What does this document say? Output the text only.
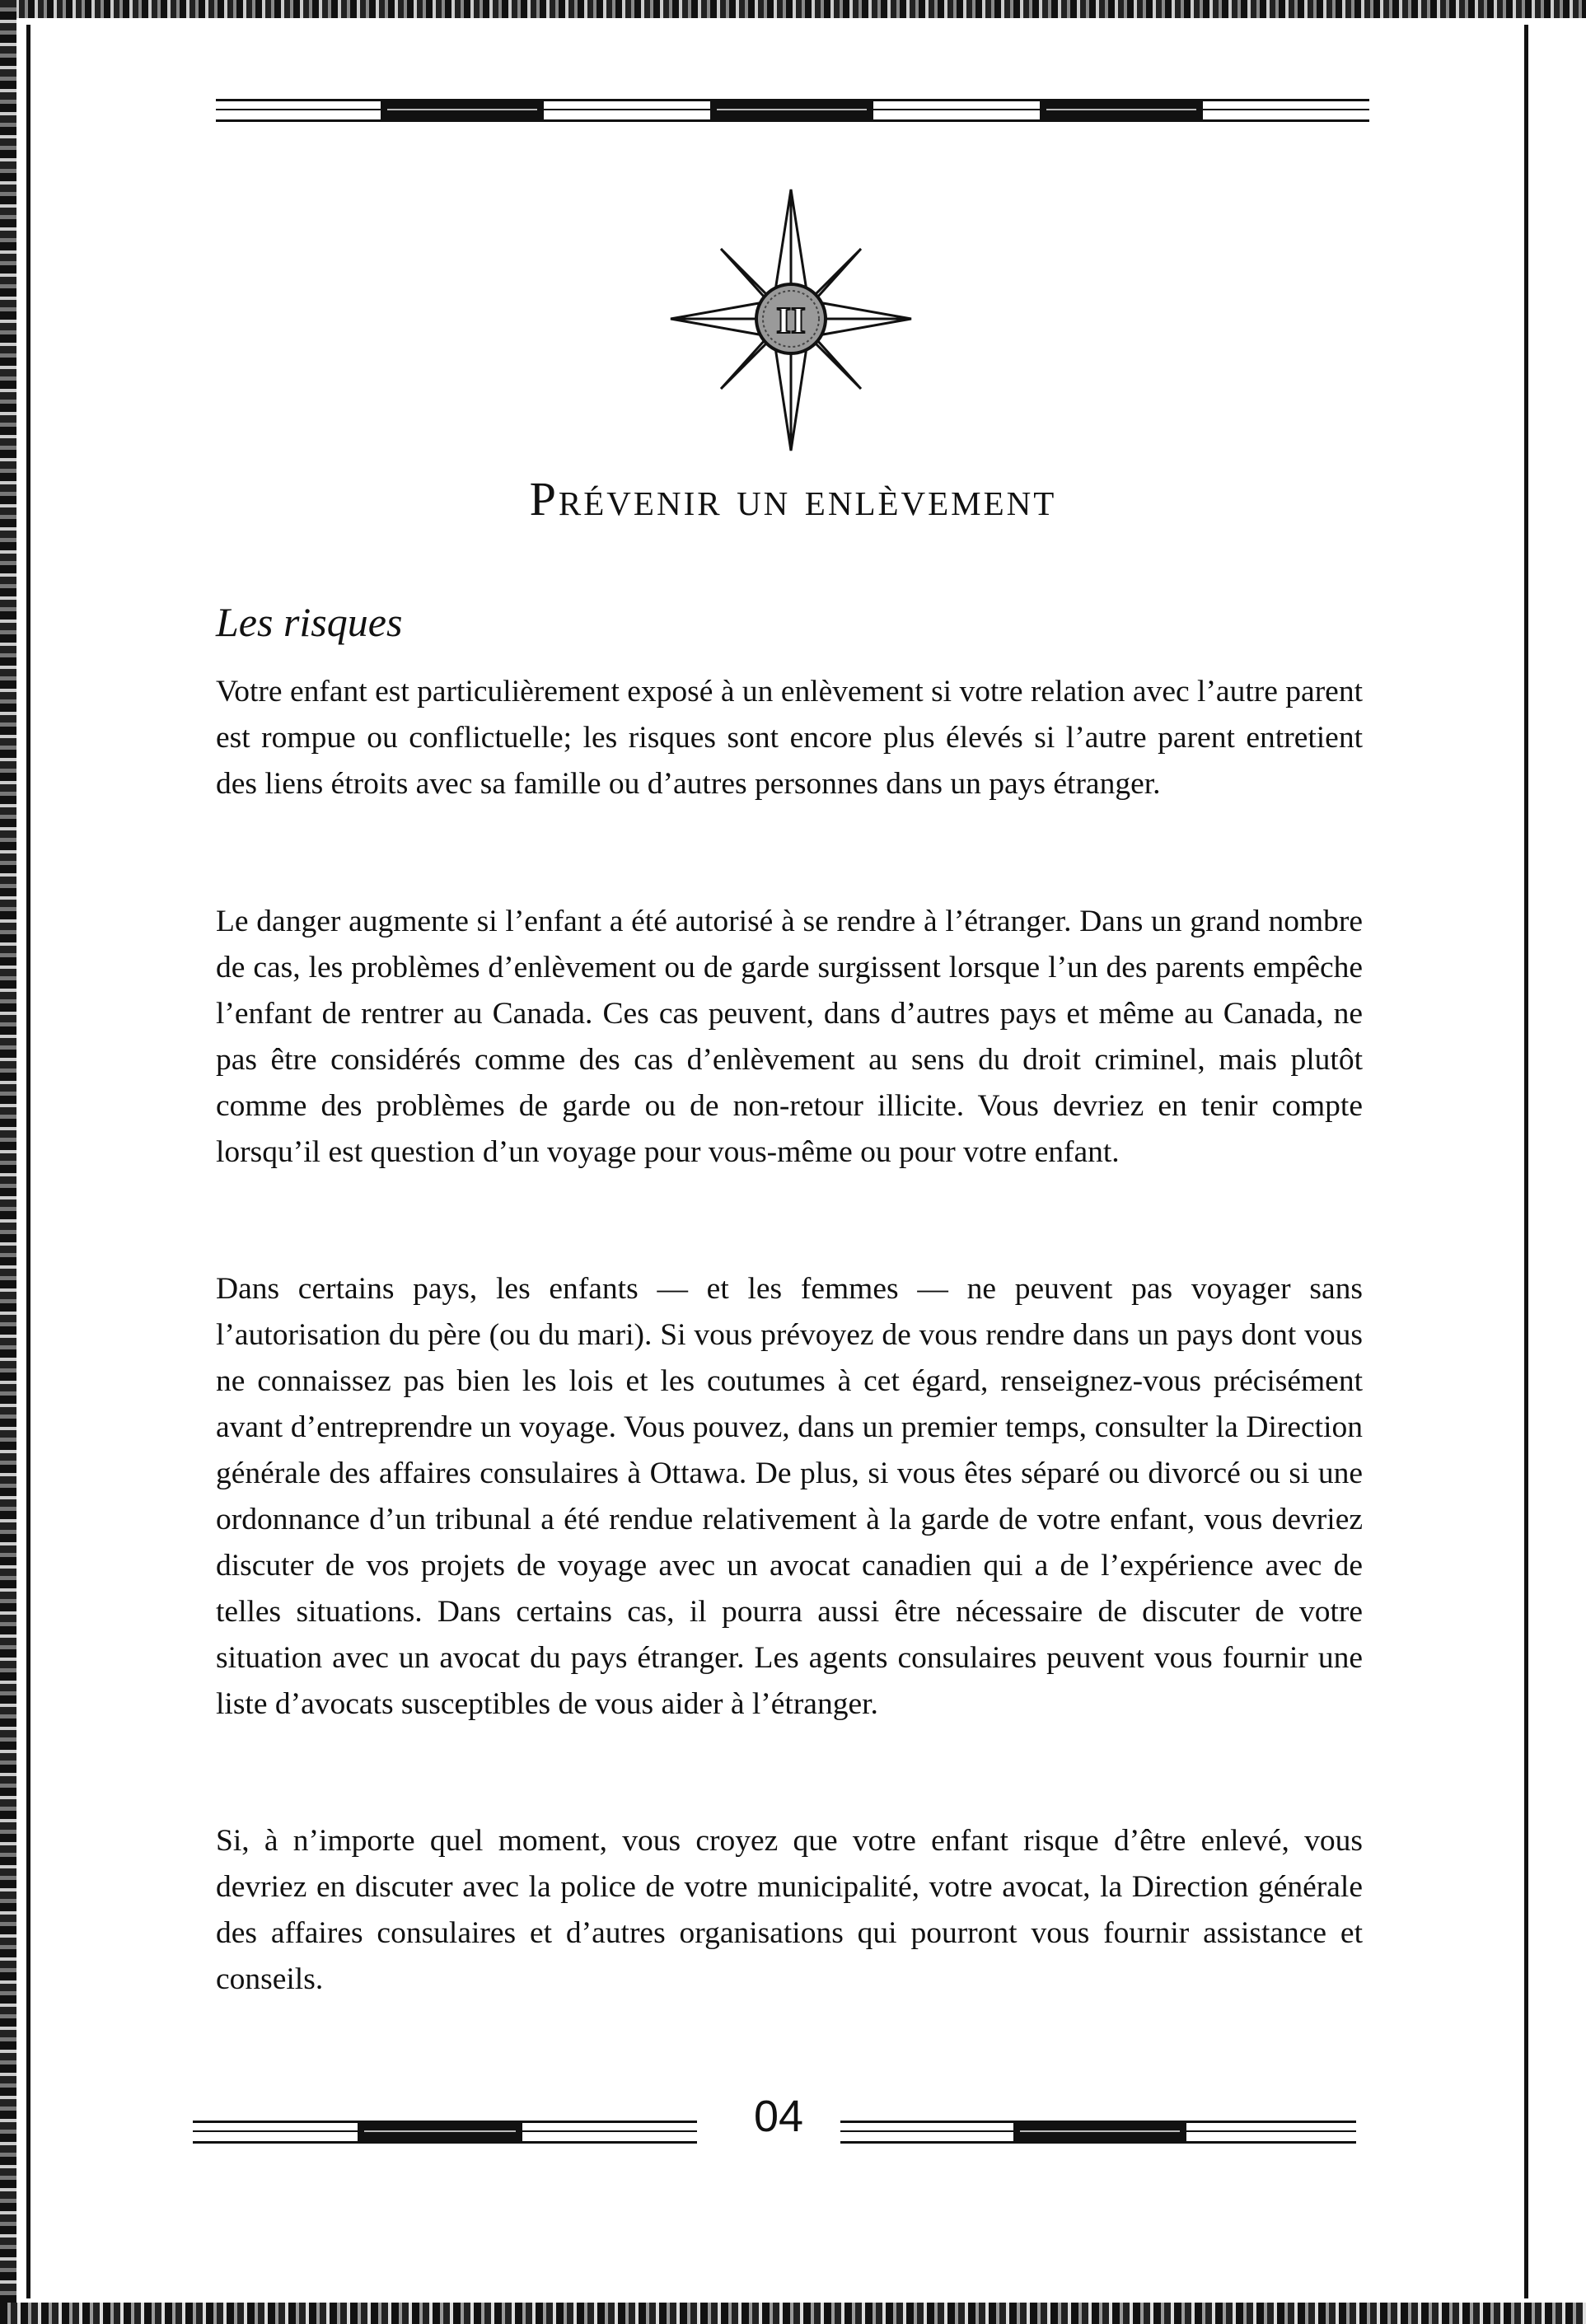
II
Prévenir un enlèvement
Les risques

Votre enfant est particulièrement exposé à un enlèvement si votre relation avec l’autre parent est rompue ou conflictuelle; les risques sont encore plus élevés si l’autre parent entretient des liens étroits avec sa famille ou d’autres personnes dans un pays étranger.

Le danger augmente si l’enfant a été autorisé à se rendre à l’étranger. Dans un grand nombre de cas, les problèmes d’enlèvement ou de garde surgissent lorsque l’un des parents empêche l’enfant de rentrer au Canada. Ces cas peuvent, dans d’autres pays et même au Canada, ne pas être considérés comme des cas d’enlèvement au sens du droit criminel, mais plutôt comme des problèmes de garde ou de non-retour illicite. Vous devriez en tenir compte lorsqu’il est question d’un voyage pour vous-même ou pour votre enfant.

Dans certains pays, les enfants — et les femmes — ne peuvent pas voyager sans l’autorisation du père (ou du mari). Si vous prévoyez de vous rendre dans un pays dont vous ne connaissez pas bien les lois et les coutumes à cet égard, renseignez-vous précisément avant d’entreprendre un voyage. Vous pouvez, dans un premier temps, consulter la Direction générale des affaires consulaires à Ottawa. De plus, si vous êtes séparé ou divorcé ou si une ordonnance d’un tribunal a été rendue relativement à la garde de votre enfant, vous devriez discuter de vos projets de voyage avec un avocat canadien qui a de l’expérience avec de telles situations. Dans certains cas, il pourra aussi être nécessaire de discuter de votre situation avec un avocat du pays étranger. Les agents consulaires peuvent vous fournir une liste d’avocats susceptibles de vous aider à l’étranger.

Si, à n’importe quel moment, vous croyez que votre enfant risque d’être enlevé, vous devriez en discuter avec la police de votre municipalité, votre avocat, la Direction générale des affaires consulaires et d’autres organisations qui pourront vous fournir assistance et conseils.

04
